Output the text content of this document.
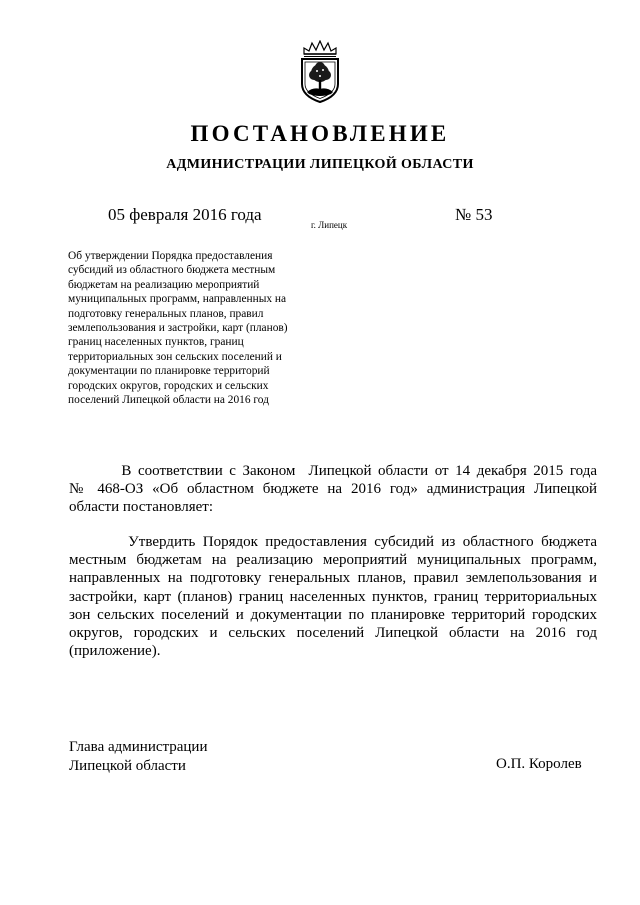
ПОСТАНОВЛЕНИЕ
АДМИНИСТРАЦИИ ЛИПЕЦКОЙ ОБЛАСТИ
05 февраля 2016 года
г. Липецк
№ 53
Об утверждении Порядка предоставления
субсидий из областного бюджета местным
бюджетам на реализацию мероприятий
муниципальных программ, направленных на
подготовку генеральных планов, правил
землепользования и застройки, карт (планов)
границ населенных пунктов, границ
территориальных зон сельских поселений и
документации по планировке территорий
городских округов, городских и сельских
поселений Липецкой области на 2016 год
В соответствии с Законом  Липецкой области от 14 декабря 2015 года
№ 468-ОЗ «Об областном бюджете на 2016 год» администрация Липецкой
области постановляет:
Утвердить Порядок предоставления субсидий из областного бюджета
местным бюджетам на реализацию мероприятий муниципальных программ,
направленных на подготовку генеральных планов, правил землепользования и
застройки, карт (планов) границ населенных пунктов, границ территориальных
зон сельских поселений и документации по планировке территорий городских
округов, городских и сельских поселений Липецкой области на 2016 год
(приложение).
Глава администрации
Липецкой области	О.П. Королев
